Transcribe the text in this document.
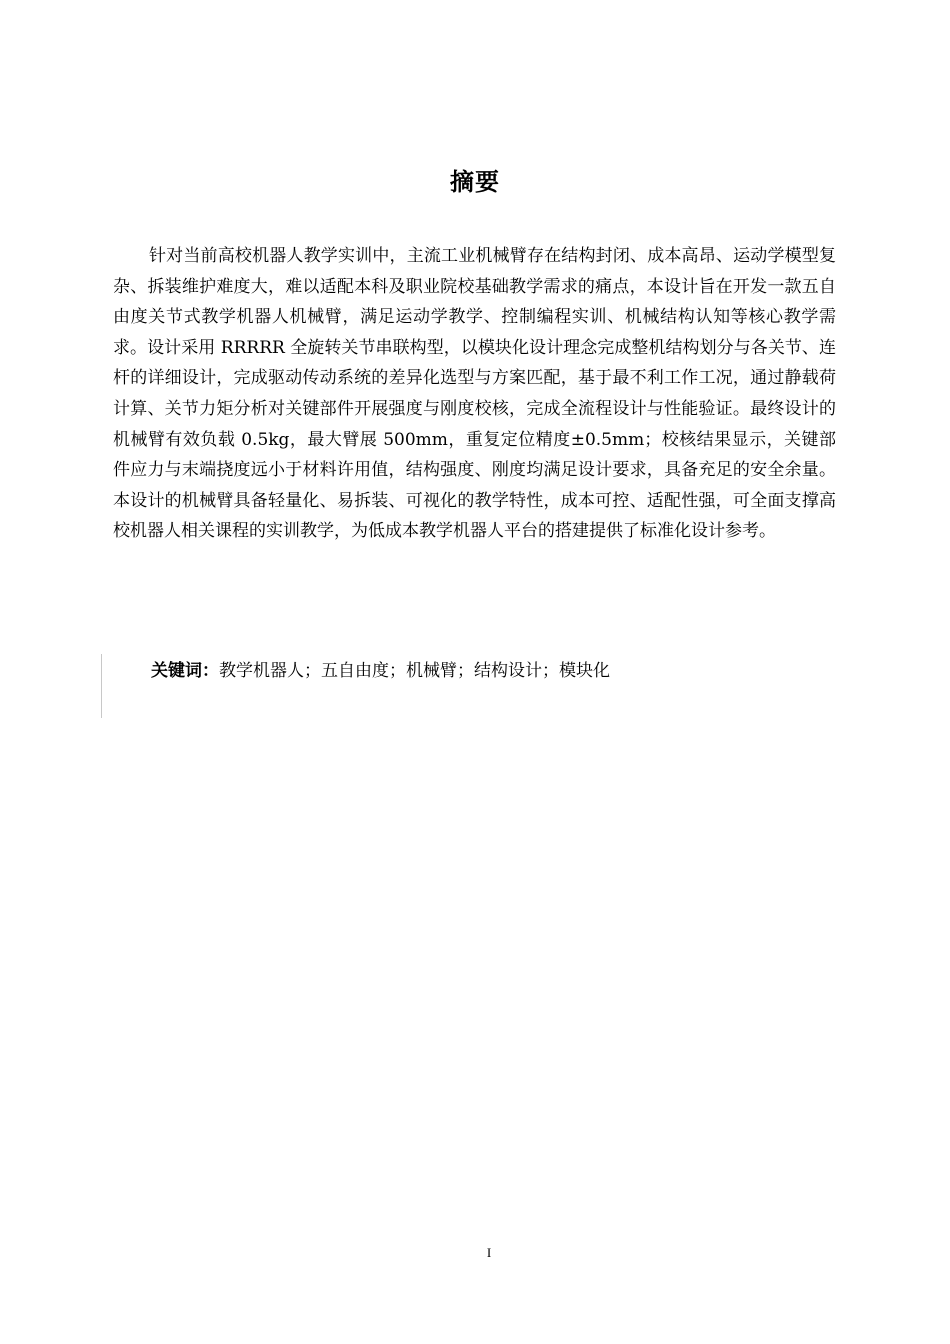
摘要

针对当前高校机器人教学实训中，主流工业机械臂存在结构封闭、成本高昂、运动学模型复杂、拆装维护难度大，难以适配本科及职业院校基础教学需求的痛点，本设计旨在开发一款五自由度关节式教学机器人机械臂，满足运动学教学、控制编程实训、机械结构认知等核心教学需求。设计采用 RRRRR 全旋转关节串联构型，以模块化设计理念完成整机结构划分与各关节、连杆的详细设计，完成驱动传动系统的差异化选型与方案匹配，基于最不利工作工况，通过静载荷计算、关节力矩分析对关键部件开展强度与刚度校核，完成全流程设计与性能验证。最终设计的机械臂有效负载 0.5kg，最大臂展 500mm，重复定位精度±0.5mm；校核结果显示，关键部件应力与末端挠度远小于材料许用值，结构强度、刚度均满足设计要求，具备充足的安全余量。本设计的机械臂具备轻量化、易拆装、可视化的教学特性，成本可控、适配性强，可全面支撑高校机器人相关课程的实训教学，为低成本教学机器人平台的搭建提供了标准化设计参考。

关键词：教学机器人；五自由度；机械臂；结构设计；模块化
I
